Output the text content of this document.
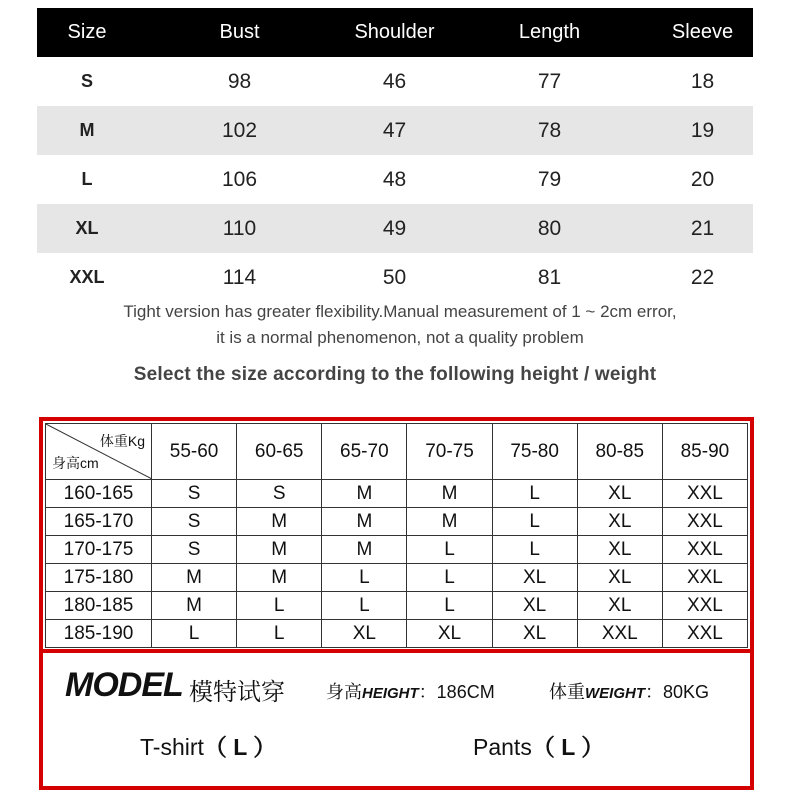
Size	Bust	Shoulder	Length	Sleeve
S	98	46	77	18
M	102	47	78	19
L	106	48	79	20
XL	110	49	80	21
XXL	114	50	81	22
Tight version has greater flexibility.Manual measurement of 1 ~ 2cm error,
it is a normal phenomenon, not a quality problem
Select the size according to the following height / weight
体重Kg
身高cm	55-60	60-65	65-70	70-75	75-80	80-85	85-90
160-165	S	S	M	M	L	XL	XXL
165-170	S	M	M	M	L	XL	XXL
170-175	S	M	M	L	L	XL	XXL
175-180	M	M	L	L	XL	XL	XXL
180-185	M	L	L	L	XL	XL	XXL
185-190	L	L	XL	XL	XL	XXL	XXL
MODEL 模特试穿 身高HEIGHT：186CM	体重WEIGHT：80KG
T-shirt（ L ）	Pants（ L ）
